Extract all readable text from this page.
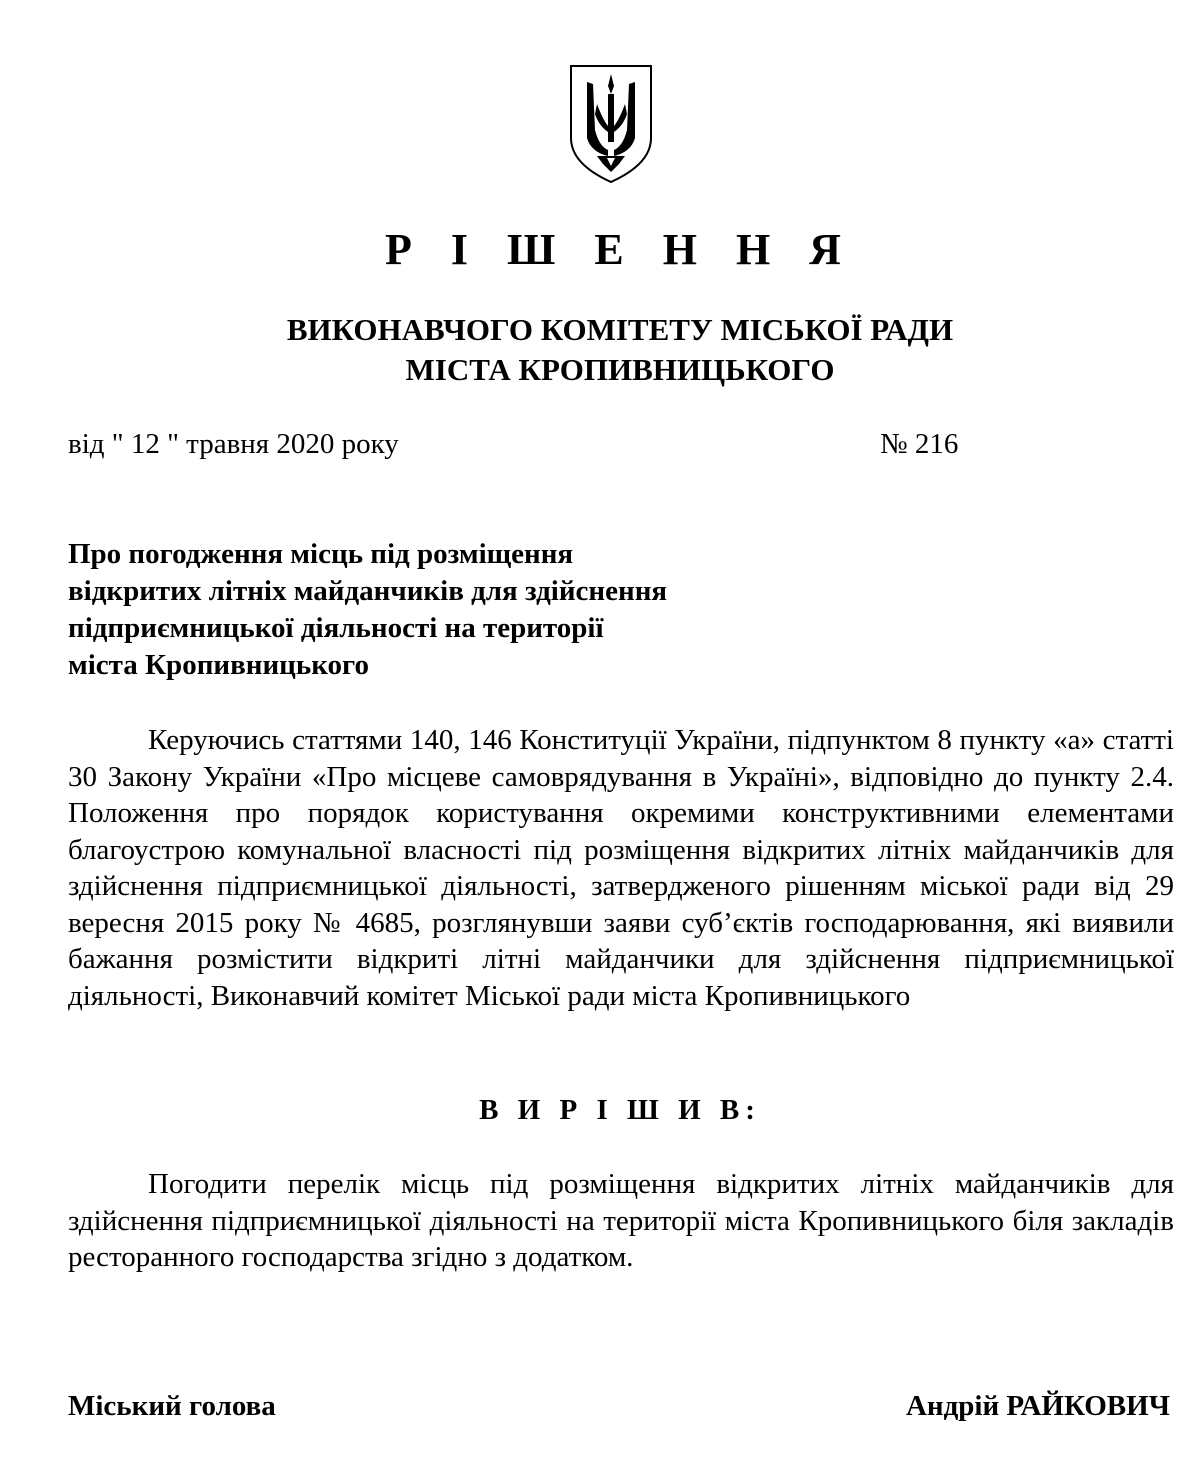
Р І Ш Е Н Н Я
ВИКОНАВЧОГО КОМІТЕТУ МІСЬКОЇ РАДИ
МІСТА КРОПИВНИЦЬКОГО
від " 12 " травня 2020 року	№ 216
Про погодження місць під розміщення
відкритих літніх майданчиків для здійснення
підприємницької діяльності на території
міста Кропивницького

Керуючись статтями 140, 146 Конституції України, підпунктом 8 пункту «а» статті 30 Закону України «Про місцеве самоврядування в Україні», відповідно до пункту 2.4. Положення про порядок користування окремими конструктивними елементами благоустрою комунальної власності під розміщення відкритих літніх майданчиків для здійснення підприємницької діяльності, затвердженого рішенням міської ради від 29 вересня 2015 року № 4685, розглянувши заяви суб’єктів господарювання, які виявили бажання розмістити відкриті літні майданчики для здійснення підприємницької діяльності, Виконавчий комітет Міської ради міста Кропивницького

В И Р І Ш И В:

Погодити перелік місць під розміщення відкритих літніх майданчиків для здійснення підприємницької діяльності на території міста Кропивницького біля закладів ресторанного господарства згідно з додатком.

Міський голова	Андрій РАЙКОВИЧ
